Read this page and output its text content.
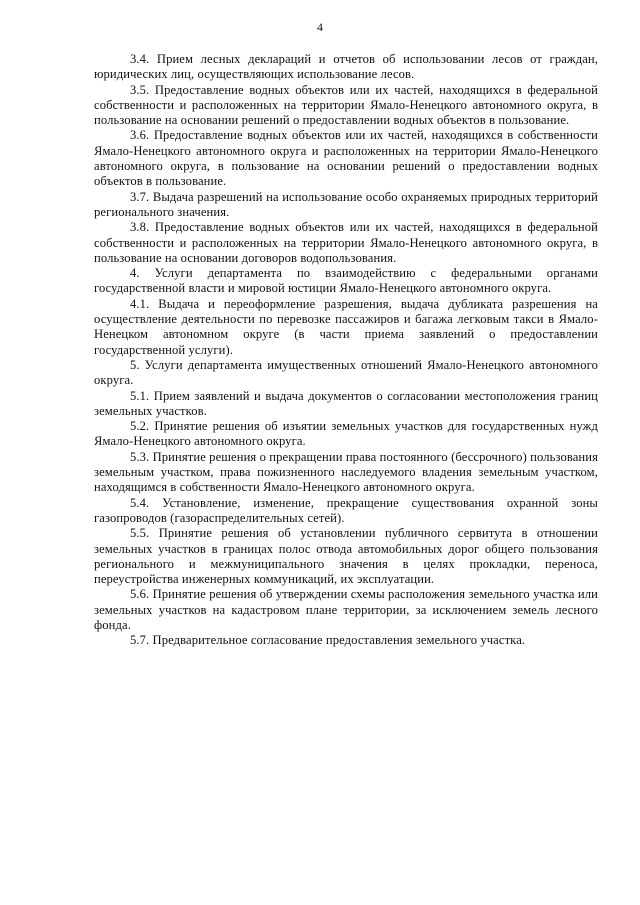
4

3.4. Прием лесных деклараций и отчетов об использовании лесов от граждан, юридических лиц, осуществляющих использование лесов.

3.5. Предоставление водных объектов или их частей, находящихся в федеральной собственности и расположенных на территории Ямало-Ненецкого автономного округа, в пользование на основании решений о предоставлении водных объектов в пользование.

3.6. Предоставление водных объектов или их частей, находящихся в собственности Ямало-Ненецкого автономного округа и расположенных на территории Ямало-Ненецкого автономного округа, в пользование на основании решений о предоставлении водных объектов в пользование.

3.7. Выдача разрешений на использование особо охраняемых природных территорий регионального значения.

3.8. Предоставление водных объектов или их частей, находящихся в федеральной собственности и расположенных на территории Ямало-Ненецкого автономного округа, в пользование на основании договоров водопользования.

4. Услуги департамента по взаимодействию с федеральными органами государственной власти и мировой юстиции Ямало-Ненецкого автономного округа.

4.1. Выдача и переоформление разрешения, выдача дубликата разрешения на осуществление деятельности по перевозке пассажиров и багажа легковым такси в Ямало-Ненецком автономном округе (в части приема заявлений о предоставлении государственной услуги).

5. Услуги департамента имущественных отношений Ямало-Ненецкого автономного округа.

5.1. Прием заявлений и выдача документов о согласовании местоположения границ земельных участков.

5.2. Принятие решения об изъятии земельных участков для государственных нужд Ямало-Ненецкого автономного округа.

5.3. Принятие решения о прекращении права постоянного (бессрочного) пользования земельным участком, права пожизненного наследуемого владения земельным участком, находящимся в собственности Ямало-Ненецкого автономного округа.

5.4. Установление, изменение, прекращение существования охранной зоны газопроводов (газораспределительных сетей).

5.5. Принятие решения об установлении публичного сервитута в отношении земельных участков в границах полос отвода автомобильных дорог общего пользования регионального и межмуниципального значения в целях прокладки, переноса, переустройства инженерных коммуникаций, их эксплуатации.

5.6. Принятие решения об утверждении схемы расположения земельного участка или земельных участков на кадастровом плане территории, за исключением земель лесного фонда.

5.7. Предварительное согласование предоставления земельного участка.
